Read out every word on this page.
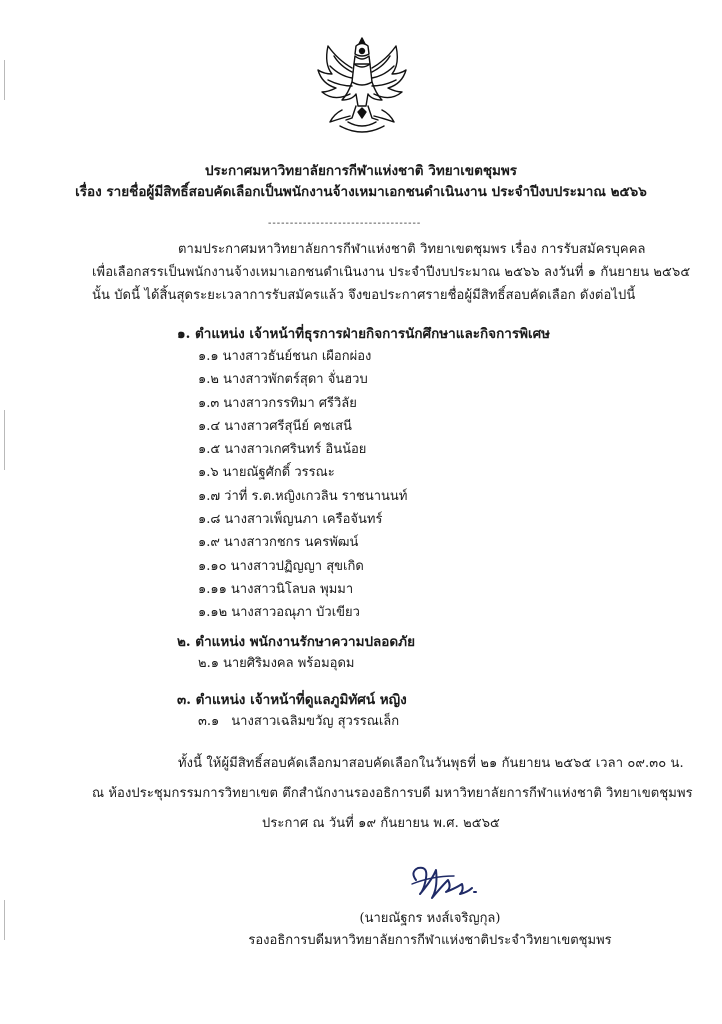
ประกาศมหาวิทยาลัยการกีฬาแห่งชาติ วิทยาเขตชุมพร
เรื่อง รายชื่อผู้มีสิทธิ์สอบคัดเลือกเป็นพนักงานจ้างเหมาเอกชนดำเนินงาน ประจำปีงบประมาณ ๒๕๖๖
-----------------------------------
ตามประกาศมหาวิทยาลัยการกีฬาแห่งชาติ วิทยาเขตชุมพร เรื่อง การรับสมัครบุคคล
เพื่อเลือกสรรเป็นพนักงานจ้างเหมาเอกชนดำเนินงาน ประจำปีงบประมาณ ๒๕๖๖ ลงวันที่ ๑ กันยายน ๒๕๖๕
นั้น บัดนี้ ได้สิ้นสุดระยะเวลาการรับสมัครแล้ว จึงขอประกาศรายชื่อผู้มีสิทธิ์สอบคัดเลือก ดังต่อไปนี้
๑. ตำแหน่ง เจ้าหน้าที่ธุรการฝ่ายกิจการนักศึกษาและกิจการพิเศษ
๑.๑ นางสาวธันย์ชนก เผือกผ่อง
๑.๒ นางสาวพักตร์สุดา จั่นฮวบ
๑.๓ นางสาวกรรทิมา ศรีวิลัย
๑.๔ นางสาวศรีสุนีย์ คชเสนี
๑.๕ นางสาวเกศรินทร์ อินน้อย
๑.๖ นายณัฐศักดิ์ วรรณะ
๑.๗ ว่าที่ ร.ต.หญิงเกวลิน ราชนานนท์
๑.๘ นางสาวเพ็ญนภา เครือจันทร์
๑.๙ นางสาวกชกร นครพัฒน์
๑.๑๐ นางสาวปฏิญญา สุขเกิด
๑.๑๑ นางสาวนิโลบล พุมมา
๑.๑๒ นางสาวอณุภา บัวเขียว
๒. ตำแหน่ง พนักงานรักษาความปลอดภัย
๒.๑ นายศิริมงคล พร้อมอุดม
๓. ตำแหน่ง เจ้าหน้าที่ดูแลภูมิทัศน์ หญิง
๓.๑ นางสาวเฉลิมขวัญ สุวรรณเล็ก
ทั้งนี้ ให้ผู้มีสิทธิ์สอบคัดเลือกมาสอบคัดเลือกในวันพุธที่ ๒๑ กันยายน ๒๕๖๕ เวลา ๐๙.๓๐ น.
ณ ห้องประชุมกรรมการวิทยาเขต ตึกสำนักงานรองอธิการบดี มหาวิทยาลัยการกีฬาแห่งชาติ วิทยาเขตชุมพร
ประกาศ ณ วันที่ ๑๙ กันยายน พ.ศ. ๒๕๖๕
(นายณัฐกร หงส์เจริญกุล)
รองอธิการบดีมหาวิทยาลัยการกีฬาแห่งชาติประจำวิทยาเขตชุมพร
